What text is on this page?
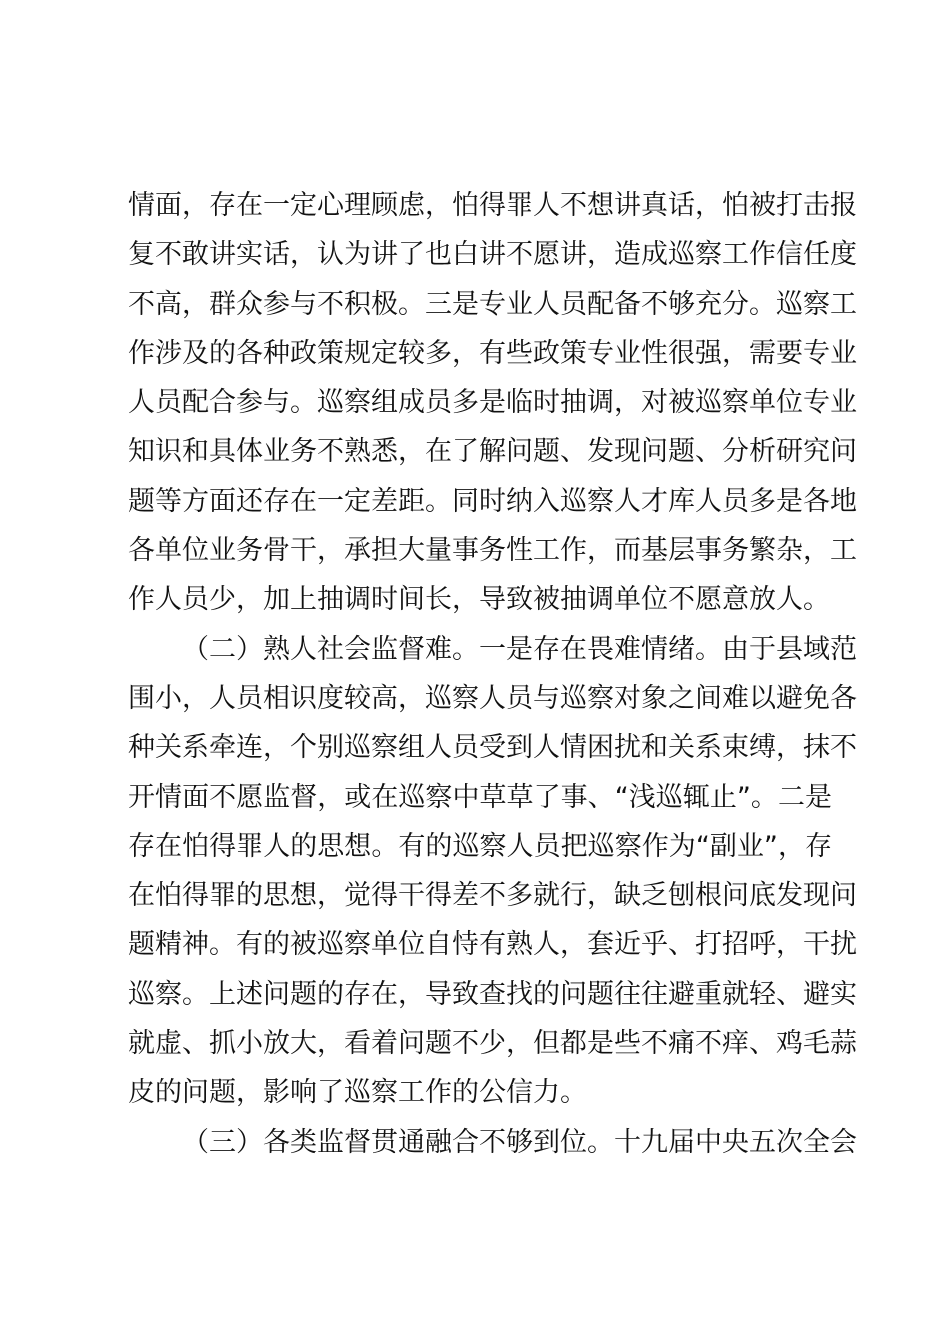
情面，存在一定心理顾虑，怕得罪人不想讲真话，怕被打击报
复不敢讲实话，认为讲了也白讲不愿讲，造成巡察工作信任度
不高，群众参与不积极。三是专业人员配备不够充分。巡察工
作涉及的各种政策规定较多，有些政策专业性很强，需要专业
人员配合参与。巡察组成员多是临时抽调，对被巡察单位专业
知识和具体业务不熟悉，在了解问题、发现问题、分析研究问
题等方面还存在一定差距。同时纳入巡察人才库人员多是各地
各单位业务骨干，承担大量事务性工作，而基层事务繁杂，工
作人员少，加上抽调时间长，导致被抽调单位不愿意放人。
（二）熟人社会监督难。一是存在畏难情绪。由于县域范
围小，人员相识度较高，巡察人员与巡察对象之间难以避免各
种关系牵连，个别巡察组人员受到人情困扰和关系束缚，抹不
开情面不愿监督，或在巡察中草草了事、“浅巡辄止”。二是
存在怕得罪人的思想。有的巡察人员把巡察作为“副业”，存
在怕得罪的思想，觉得干得差不多就行，缺乏刨根问底发现问
题精神。有的被巡察单位自恃有熟人，套近乎、打招呼，干扰
巡察。上述问题的存在，导致查找的问题往往避重就轻、避实
就虚、抓小放大，看着问题不少，但都是些不痛不痒、鸡毛蒜
皮的问题，影响了巡察工作的公信力。
（三）各类监督贯通融合不够到位。十九届中央五次全会
